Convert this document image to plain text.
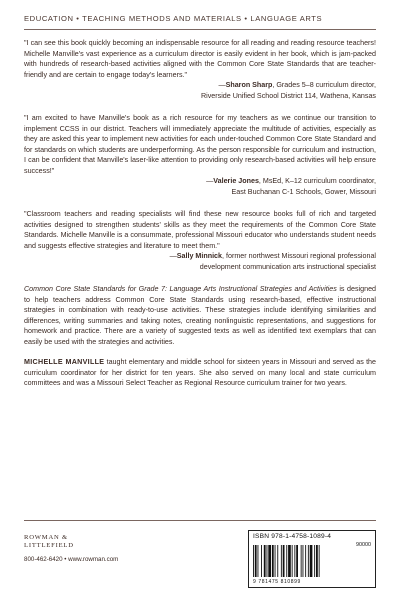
EDUCATION • TEACHING METHODS AND MATERIALS • LANGUAGE ARTS

"I can see this book quickly becoming an indispensable resource for all reading and reading resource teachers! Michelle Manville's vast experience as a curriculum director is easily evident in her book, which is jam-packed with hundreds of research-based activities aligned with the Common Core State Standards that are teacher-friendly and are certain to engage today's learners."

—Sharon Sharp, Grades 5–8 curriculum director,

Riverside Unified School District 114, Wathena, Kansas

"I am excited to have Manville's book as a rich resource for my teachers as we continue our transition to implement CCSS in our district. Teachers will immediately appreciate the multitude of activities, especially as they are asked this year to implement new activities for each under-touched Common Core State Standard and for standards on which students are underperforming. As the person responsible for curriculum and instruction, I can be confident that Manville's laser-like attention to providing only research-based activities will help ensure success!"

—Valerie Jones, MsEd, K–12 curriculum coordinator,

East Buchanan C-1 Schools, Gower, Missouri

"Classroom teachers and reading specialists will find these new resource books full of rich and targeted activities designed to strengthen students' skills as they meet the requirements of the Common Core State Standards. Michelle Manville is a consummate, professional Missouri educator who understands student needs and suggests effective strategies and literature to meet them."

—Sally Minnick, former northwest Missouri regional professional

development communication arts instructional specialist

Common Core State Standards for Grade 7: Language Arts Instructional Strategies and Activities is designed to help teachers address Common Core State Standards using research-based, effective instructional strategies in combination with ready-to-use activities. These strategies include identifying similarities and differences, writing summaries and taking notes, creating nonlinguistic representations, and suggestions for homework and practice. There are a variety of suggested texts as well as identified text exemplars that can easily be used with the strategies and activities.

MICHELLE MANVILLE taught elementary and middle school for sixteen years in Missouri and served as the curriculum coordinator for her district for ten years. She also served on many local and state curriculum committees and was a Missouri Select Teacher as Regional Resource curriculum trainer for two years.

ROWMAN &
LITTLEFIELD
800-462-6420 • www.rowman.com
ISBN 978-1-4758-1089-4
90000
9 781475 810899
